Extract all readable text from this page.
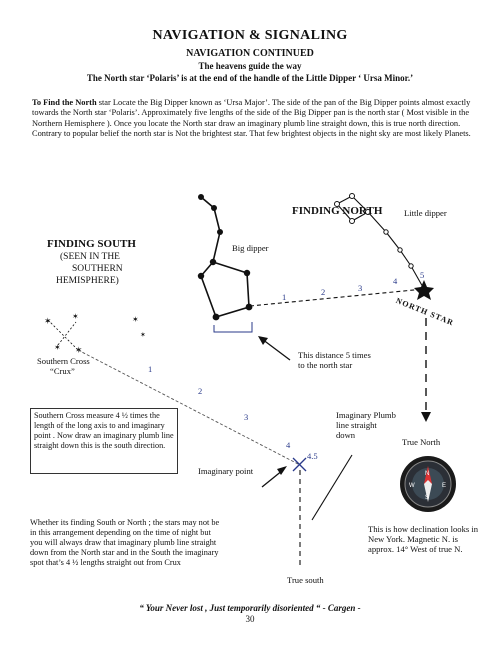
NAVIGATION & SIGNALING
NAVIGATION CONTINUED
The heavens guide the way
The North star ‘Polaris’ is at the end of the handle of the Little Dipper ‘ Ursa Minor.’
To Find the North star Locate the Big Dipper known as ‘Ursa Major’. The side of the pan of the Big Dipper points almost exactly towards the North star ‘Polaris’. Approximately five lengths of the side of the Big Dipper pan is the north star ( Most visible in the Northern Hemisphere ). Once you locate the North star draw an imaginary plumb line straight down, this is true north direction. Contrary to popular belief the north star is Not the brightest star. That few brightest objects in the night sky are most likely Planets.
✶	✶
✶ ✶
✶
✶
N
E
W
S
FINDING NORTH	Little dipper
Big dipper
NORTH STAR
This distance 5 times to the north star
True North
1	2	3
4
5
FINDING SOUTH
(SEEN IN THE
SOUTHERN
HEMISPHERE)
Southern Cross
“Crux”	1
2
3
4
4.5
Southern Cross measure 4 ½ times the length of the long axis to and imaginary point . Now draw an imaginary plumb line straight down this is the south direction.
Imaginary point
Imaginary Plumb line straight down
True south
This is how declination looks in New York. Magnetic N. is approx. 14° West of true N.
Whether its finding South or North ; the stars may not be in this arrangement depending on the time of night but you will always draw that imaginary plumb line straight down from the North star and in the South the imaginary spot that’s 4 ½ lengths straight out from Crux
“ Your Never lost , Just temporarily disoriented “ - Cargen -
30
